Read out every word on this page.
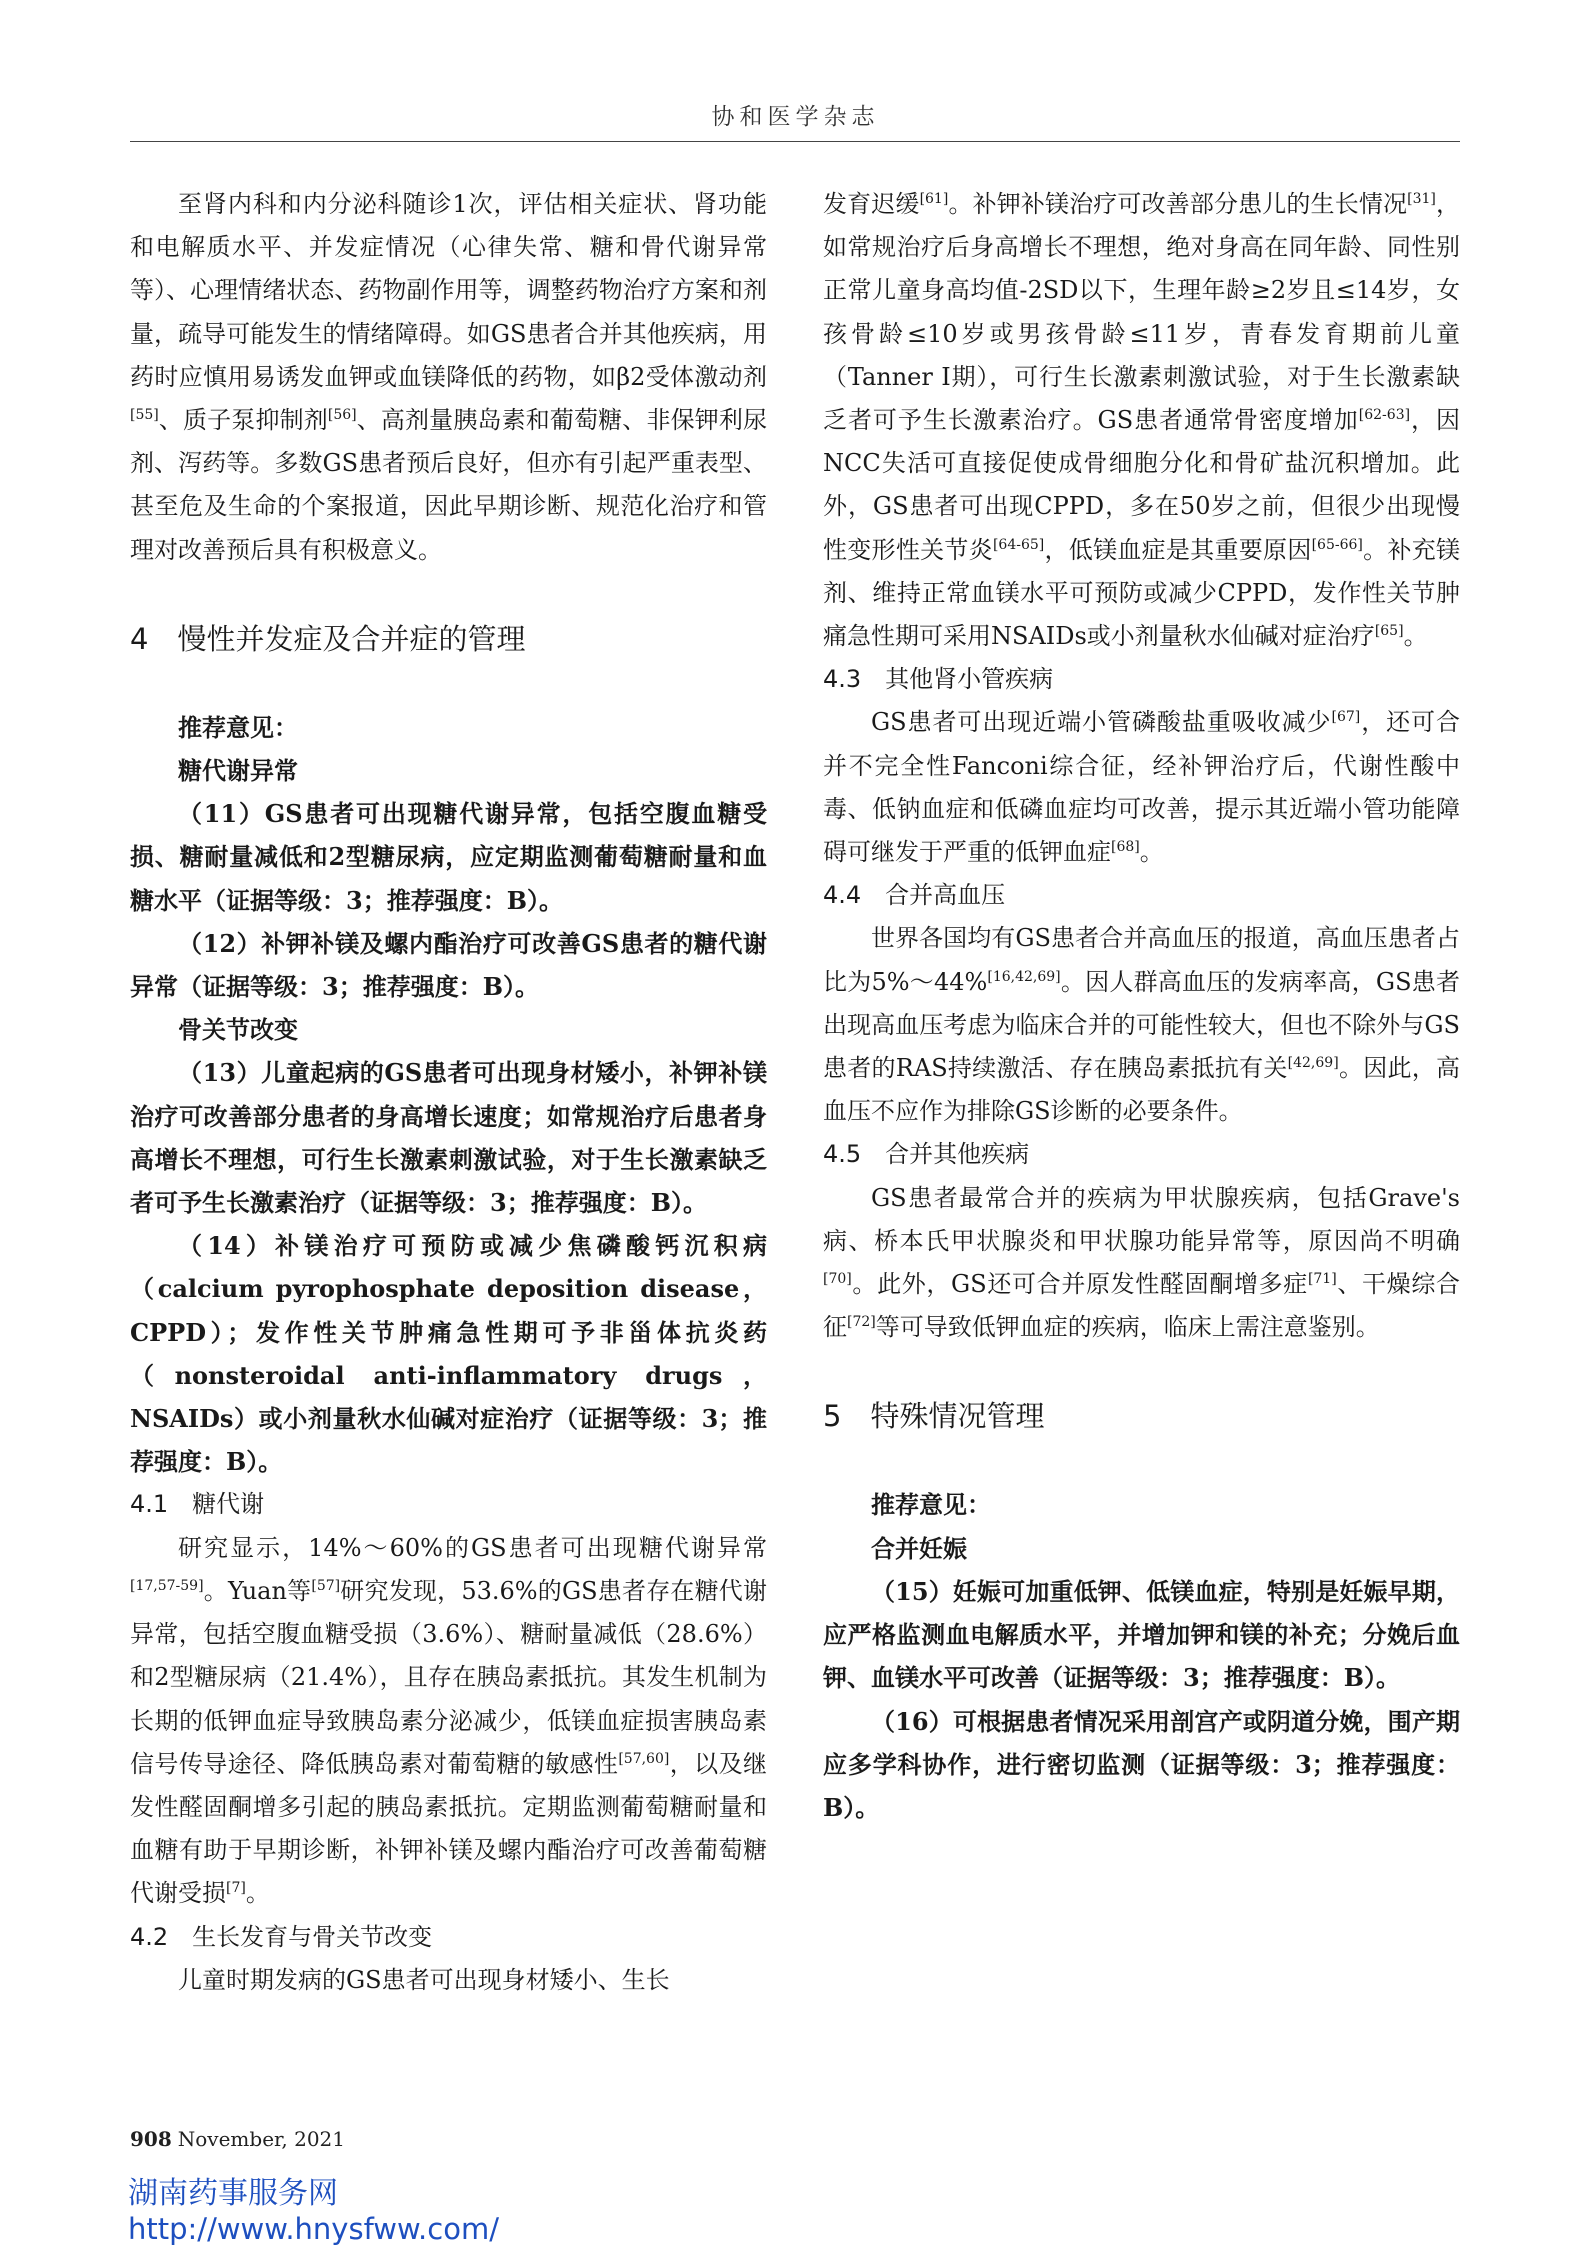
协和医学杂志

至肾内科和内分泌科随诊1次，评估相关症状、肾功能和电解质水平、并发症情况（心律失常、糖和骨代谢异常等）、心理情绪状态、药物副作用等，调整药物治疗方案和剂量，疏导可能发生的情绪障碍。如GS患者合并其他疾病，用药时应慎用易诱发血钾或血镁降低的药物，如β2受体激动剂[55]、质子泵抑制剂[56]、高剂量胰岛素和葡萄糖、非保钾利尿剂、泻药等。多数GS患者预后良好，但亦有引起严重表型、甚至危及生命的个案报道，因此早期诊断、规范化治疗和管理对改善预后具有积极意义。

4　慢性并发症及合并症的管理

推荐意见：

糖代谢异常

（11）GS患者可出现糖代谢异常，包括空腹血糖受损、糖耐量减低和2型糖尿病，应定期监测葡萄糖耐量和血糖水平（证据等级：3；推荐强度：B）。

（12）补钾补镁及螺内酯治疗可改善GS患者的糖代谢异常（证据等级：3；推荐强度：B）。

骨关节改变

（13）儿童起病的GS患者可出现身材矮小，补钾补镁治疗可改善部分患者的身高增长速度；如常规治疗后患者身高增长不理想，可行生长激素刺激试验，对于生长激素缺乏者可予生长激素治疗（证据等级：3；推荐强度：B）。

（14）补镁治疗可预防或减少焦磷酸钙沉积病（calcium pyrophosphate deposition disease，CPPD）；发作性关节肿痛急性期可予非甾体抗炎药（nonsteroidal anti-inflammatory drugs，NSAIDs）或小剂量秋水仙碱对症治疗（证据等级：3；推荐强度：B）。

4.1　糖代谢

研究显示，14%～60%的GS患者可出现糖代谢异常[17,57-59]。Yuan等[57]研究发现，53.6%的GS患者存在糖代谢异常，包括空腹血糖受损（3.6%）、糖耐量减低（28.6%）和2型糖尿病（21.4%），且存在胰岛素抵抗。其发生机制为长期的低钾血症导致胰岛素分泌减少，低镁血症损害胰岛素信号传导途径、降低胰岛素对葡萄糖的敏感性[57,60]，以及继发性醛固酮增多引起的胰岛素抵抗。定期监测葡萄糖耐量和血糖有助于早期诊断，补钾补镁及螺内酯治疗可改善葡萄糖代谢受损[7]。

4.2　生长发育与骨关节改变

儿童时期发病的GS患者可出现身材矮小、生长

发育迟缓[61]。补钾补镁治疗可改善部分患儿的生长情况[31]，如常规治疗后身高增长不理想，绝对身高在同年龄、同性别正常儿童身高均值-2SD以下，生理年龄≥2岁且≤14岁，女孩骨龄≤10岁或男孩骨龄≤11岁，青春发育期前儿童（Tanner Ⅰ期），可行生长激素刺激试验，对于生长激素缺乏者可予生长激素治疗。GS患者通常骨密度增加[62-63]，因NCC失活可直接促使成骨细胞分化和骨矿盐沉积增加。此外，GS患者可出现CPPD，多在50岁之前，但很少出现慢性变形性关节炎[64-65]，低镁血症是其重要原因[65-66]。补充镁剂、维持正常血镁水平可预防或减少CPPD，发作性关节肿痛急性期可采用NSAIDs或小剂量秋水仙碱对症治疗[65]。

4.3　其他肾小管疾病

GS患者可出现近端小管磷酸盐重吸收减少[67]，还可合并不完全性Fanconi综合征，经补钾治疗后，代谢性酸中毒、低钠血症和低磷血症均可改善，提示其近端小管功能障碍可继发于严重的低钾血症[68]。

4.4　合并高血压

世界各国均有GS患者合并高血压的报道，高血压患者占比为5%～44%[16,42,69]。因人群高血压的发病率高，GS患者出现高血压考虑为临床合并的可能性较大，但也不除外与GS患者的RAS持续激活、存在胰岛素抵抗有关[42,69]。因此，高血压不应作为排除GS诊断的必要条件。

4.5　合并其他疾病

GS患者最常合并的疾病为甲状腺疾病，包括Grave's病、桥本氏甲状腺炎和甲状腺功能异常等，原因尚不明确[70]。此外，GS还可合并原发性醛固酮增多症[71]、干燥综合征[72]等可导致低钾血症的疾病，临床上需注意鉴别。

5　特殊情况管理

推荐意见：

合并妊娠

（15）妊娠可加重低钾、低镁血症，特别是妊娠早期，应严格监测血电解质水平，并增加钾和镁的补充；分娩后血钾、血镁水平可改善（证据等级：3；推荐强度：B）。

（16）可根据患者情况采用剖宫产或阴道分娩，围产期应多学科协作，进行密切监测（证据等级：3；推荐强度：B）。

908 November, 2021
湖南药事服务网
http://www.hnysfww.com/
